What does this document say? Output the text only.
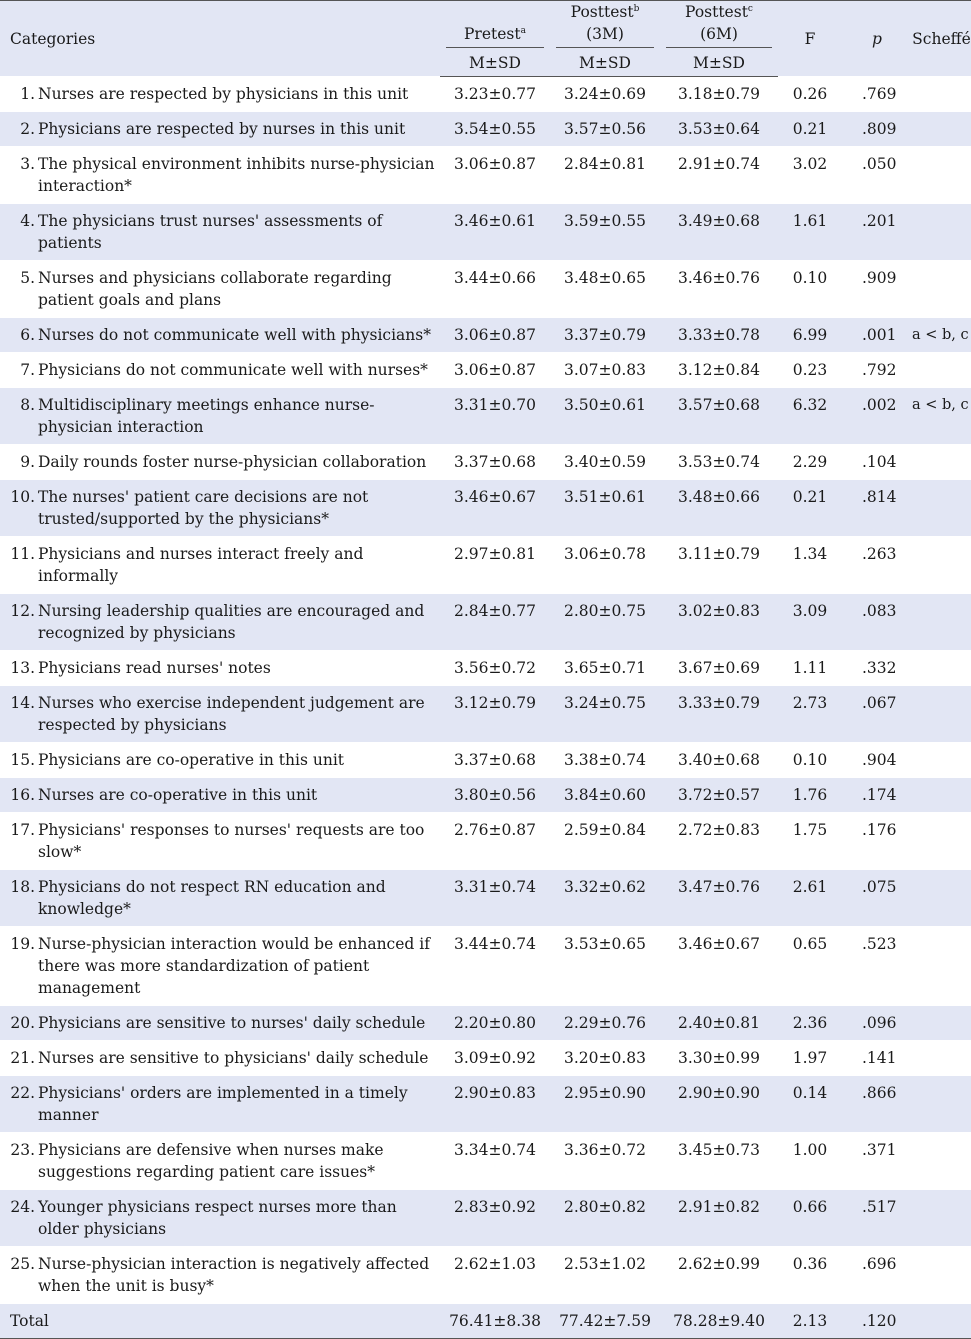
Categories	Pretest$^a$	Posttest$^b$ (3M)	Posttest$^c$ (6M)	F	p	Scheffé
	M±SD	M±SD	M±SD			

1. Nurses are respected by physicians in this unit	3.23±0.77	3.24±0.69	3.18±0.79	0.26	.769	

2. Physicians are respected by nurses in this unit	3.54±0.55	3.57±0.56	3.53±0.64	0.21	.809	

3. The physical environment inhibits nurse-physician interaction*	3.06±0.87	2.84±0.81	2.91±0.74	3.02	.050	

4. The physicians trust nurses' assessments of patients	3.46±0.61	3.59±0.55	3.49±0.68	1.61	.201	

5. Nurses and physicians collaborate regarding patient goals and plans	3.44±0.66	3.48±0.65	3.46±0.76	0.10	.909	

6. Nurses do not communicate well with physicians*	3.06±0.87	3.37±0.79	3.33±0.78	6.99	.001	a < b, c

7. Physicians do not communicate well with nurses*	3.06±0.87	3.07±0.83	3.12±0.84	0.23	.792	

8. Multidisciplinary meetings enhance nurse-physician interaction	3.31±0.70	3.50±0.61	3.57±0.68	6.32	.002	a < b, c

9. Daily rounds foster nurse-physician collaboration	3.37±0.68	3.40±0.59	3.53±0.74	2.29	.104	

10. The nurses' patient care decisions are not trusted/supported by the physicians*	3.46±0.67	3.51±0.61	3.48±0.66	0.21	.814	

11. Physicians and nurses interact freely and informally	2.97±0.81	3.06±0.78	3.11±0.79	1.34	.263	

12. Nursing leadership qualities are encouraged and recognized by physicians	2.84±0.77	2.80±0.75	3.02±0.83	3.09	.083	

13. Physicians read nurses' notes	3.56±0.72	3.65±0.71	3.67±0.69	1.11	.332	

14. Nurses who exercise independent judgement are respected by physicians	3.12±0.79	3.24±0.75	3.33±0.79	2.73	.067	

15. Physicians are co-operative in this unit	3.37±0.68	3.38±0.74	3.40±0.68	0.10	.904	

16. Nurses are co-operative in this unit	3.80±0.56	3.84±0.60	3.72±0.57	1.76	.174	

17. Physicians' responses to nurses' requests are too slow*	2.76±0.87	2.59±0.84	2.72±0.83	1.75	.176	

18. Physicians do not respect RN education and knowledge*	3.31±0.74	3.32±0.62	3.47±0.76	2.61	.075	

19. Nurse-physician interaction would be enhanced if there was more standardization of patient management	3.44±0.74	3.53±0.65	3.46±0.67	0.65	.523	

20. Physicians are sensitive to nurses' daily schedule	2.20±0.80	2.29±0.76	2.40±0.81	2.36	.096	

21. Nurses are sensitive to physicians' daily schedule	3.09±0.92	3.20±0.83	3.30±0.99	1.97	.141	

22. Physicians' orders are implemented in a timely manner	2.90±0.83	2.95±0.90	2.90±0.90	0.14	.866	

23. Physicians are defensive when nurses make suggestions regarding patient care issues*	3.34±0.74	3.36±0.72	3.45±0.73	1.00	.371	

24. Younger physicians respect nurses more than older physicians	2.83±0.92	2.80±0.82	2.91±0.82	0.66	.517	

25. Nurse-physician interaction is negatively affected when the unit is busy*	2.62±1.03	2.53±1.02	2.62±0.99	0.36	.696	
Total	76.41±8.38	77.42±7.59	78.28±9.40	2.13	.120	
